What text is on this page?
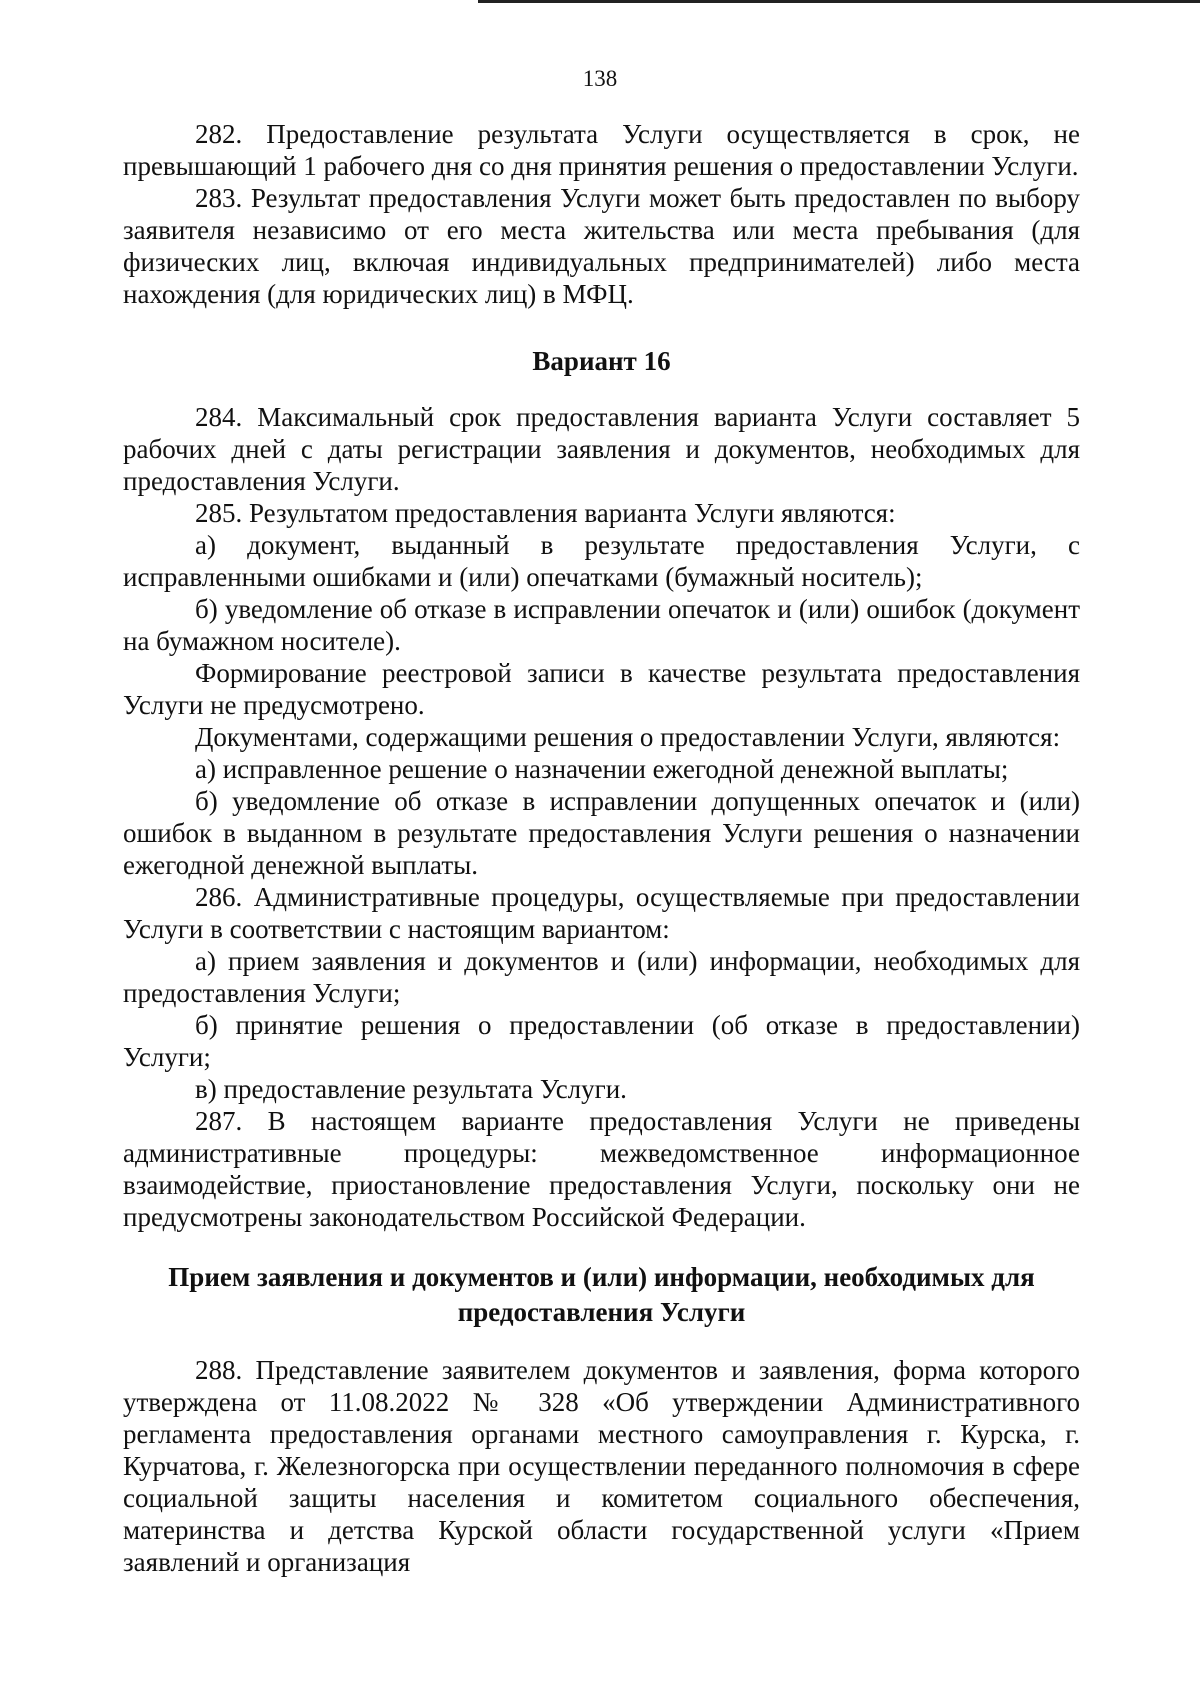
138

282. Предоставление результата Услуги осуществляется в срок, не превышающий 1 рабочего дня со дня принятия решения о предоставлении Услуги.

283. Результат предоставления Услуги может быть предоставлен по выбору заявителя независимо от его места жительства или места пребывания (для физических лиц, включая индивидуальных предпринимателей) либо места нахождения (для юридических лиц) в МФЦ.

Вариант 16

284. Максимальный срок предоставления варианта Услуги составляет 5 рабочих дней с даты регистрации заявления и документов, необходимых для предоставления Услуги.

285. Результатом предоставления варианта Услуги являются:

а) документ, выданный в результате предоставления Услуги, с исправленными ошибками и (или) опечатками (бумажный носитель);

б) уведомление об отказе в исправлении опечаток и (или) ошибок (документ на бумажном носителе).

Формирование реестровой записи в качестве результата предоставления Услуги не предусмотрено.

Документами, содержащими решения о предоставлении Услуги, являются:

а) исправленное решение о назначении ежегодной денежной выплаты;

б) уведомление об отказе в исправлении допущенных опечаток и (или) ошибок в выданном в результате предоставления Услуги решения о назначении ежегодной денежной выплаты.

286. Административные процедуры, осуществляемые при предоставлении Услуги в соответствии с настоящим вариантом:

а) прием заявления и документов и (или) информации, необходимых для предоставления Услуги;

б) принятие решения о предоставлении (об отказе в предоставлении) Услуги;

в) предоставление результата Услуги.

287. В настоящем варианте предоставления Услуги не приведены административные процедуры: межведомственное информационное взаимодействие, приостановление предоставления Услуги, поскольку они не предусмотрены законодательством Российской Федерации.

Прием заявления и документов и (или) информации, необходимых для предоставления Услуги

288. Представление заявителем документов и заявления, форма которого утверждена от 11.08.2022 № 328 «Об утверждении Административного регламента предоставления органами местного самоуправления г. Курска, г. Курчатова, г. Железногорска при осуществлении переданного полномочия в сфере социальной защиты населения и комитетом социального обеспечения, материнства и детства Курской области государственной услуги «Прием заявлений и организация
